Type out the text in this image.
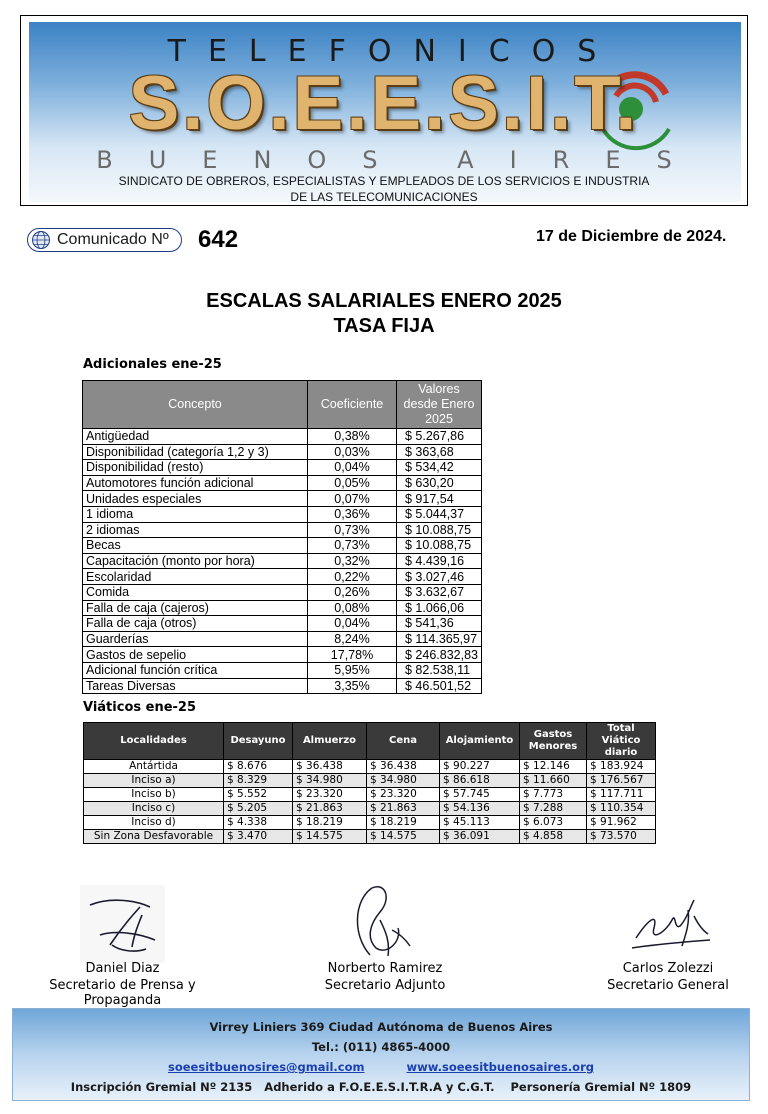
TELEFONICOS
S.O.E.E.S.I.T.
BUENOS AIRES
SINDICATO DE OBREROS, ESPECIALISTAS Y EMPLEADOS DE LOS SERVICIOS E INDUSTRIA
DE LAS TELECOMUNICACIONES
Comunicado Nº 642	17 de Diciembre de 2024.
ESCALAS SALARIALES ENERO 2025
TASA FIJA
Adicionales ene-25
Concepto	Coeficiente	Valores desde Enero 2025
Antigüedad	0,38%	$ 5.267,86
Disponibilidad (categoría 1,2 y 3)	0,03%	$ 363,68
Disponibilidad (resto)	0,04%	$ 534,42
Automotores función adicional	0,05%	$ 630,20
Unidades especiales	0,07%	$ 917,54
1 idioma	0,36%	$ 5.044,37
2 idiomas	0,73%	$ 10.088,75
Becas	0,73%	$ 10.088,75
Capacitación (monto por hora)	0,32%	$ 4.439,16
Escolaridad	0,22%	$ 3.027,46
Comida	0,26%	$ 3.632,67
Falla de caja (cajeros)	0,08%	$ 1.066,06
Falla de caja (otros)	0,04%	$ 541,36
Guarderías	8,24%	$ 114.365,97
Gastos de sepelio	17,78%	$ 246.832,83
Adicional función crítica	5,95%	$ 82.538,11
Tareas Diversas	3,35%	$ 46.501,52
Viáticos ene-25
Localidades	Desayuno	Almuerzo	Cena	Alojamiento	Gastos Menores	Total Viático diario
Antártida	$ 8.676	$ 36.438	$ 36.438	$ 90.227	$ 12.146	$ 183.924
Inciso a)	$ 8.329	$ 34.980	$ 34.980	$ 86.618	$ 11.660	$ 176.567
Inciso b)	$ 5.552	$ 23.320	$ 23.320	$ 57.745	$ 7.773	$ 117.711
Inciso c)	$ 5.205	$ 21.863	$ 21.863	$ 54.136	$ 7.288	$ 110.354
Inciso d)	$ 4.338	$ 18.219	$ 18.219	$ 45.113	$ 6.073	$ 91.962
Sin Zona Desfavorable	$ 3.470	$ 14.575	$ 14.575	$ 36.091	$ 4.858	$ 73.570
Daniel Diaz
Secretario de Prensa y Propaganda
Norberto Ramirez
Secretario Adjunto
Carlos Zolezzi
Secretario General
Virrey Liniers 369 Ciudad Autónoma de Buenos Aires
Tel.: (011) 4865-4000
soeesitbuenosires@gmail.com	www.soeesitbuenosaires.org
Inscripción Gremial Nº 2135   Adherido a F.O.E.E.S.I.T.R.A y C.G.T.    Personería Gremial Nº 1809
